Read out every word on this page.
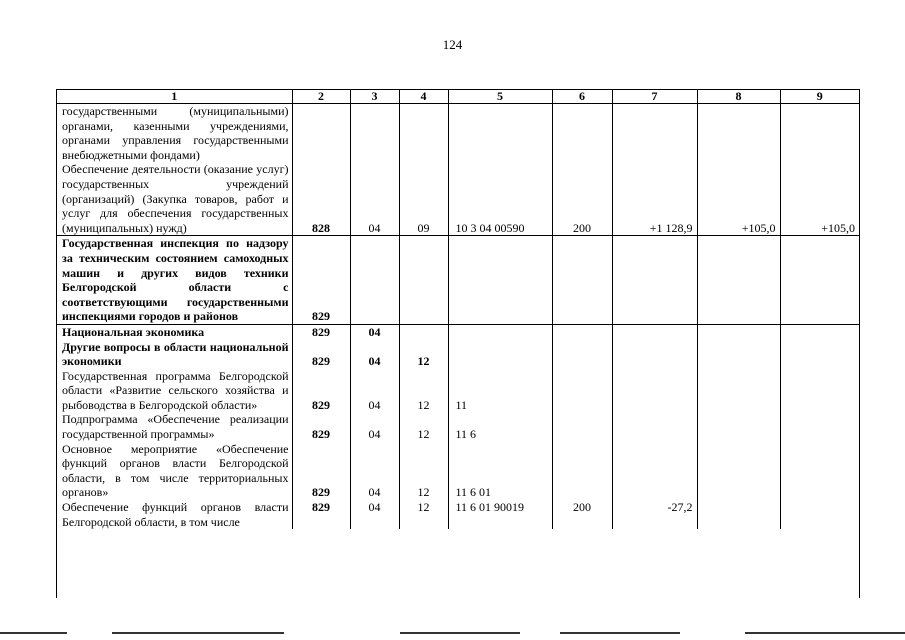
124
1	2	3	4	5	6	7	8	9

государственными (муниципальными) органами, казенными учреждениями, органами управления государственными внебюджетными фондами)
Обеспечение деятельности (оказание услуг) государственных учреждений (организаций) (Закупка товаров, работ и услуг для обеспечения государственных (муниципальных) нужд)	828	04	09	10 3 04 00590	200	+1 128,9	+105,0	+105,0
Государственная инспекция по надзору за техническим состоянием самоходных машин и других видов техники Белгородской области с соответствующими государственными инспекциями городов и районов	829							
Национальная экономика	829	04						
Другие вопросы в области национальной экономики	829	04	12					
Государственная программа Белгородской области «Развитие сельского хозяйства и рыбоводства в Белгородской области»	829	04	12	11				
Подпрограмма «Обеспечение реализации государственной программы»	829	04	12	11 6				
Основное мероприятие «Обеспечение функций органов власти Белгородской области, в том числе территориальных органов»	829	04	12	11 6 01				
Обеспечение функций органов власти Белгородской области, в том числе	829	04	12	11 6 01 90019	200	-27,2		
